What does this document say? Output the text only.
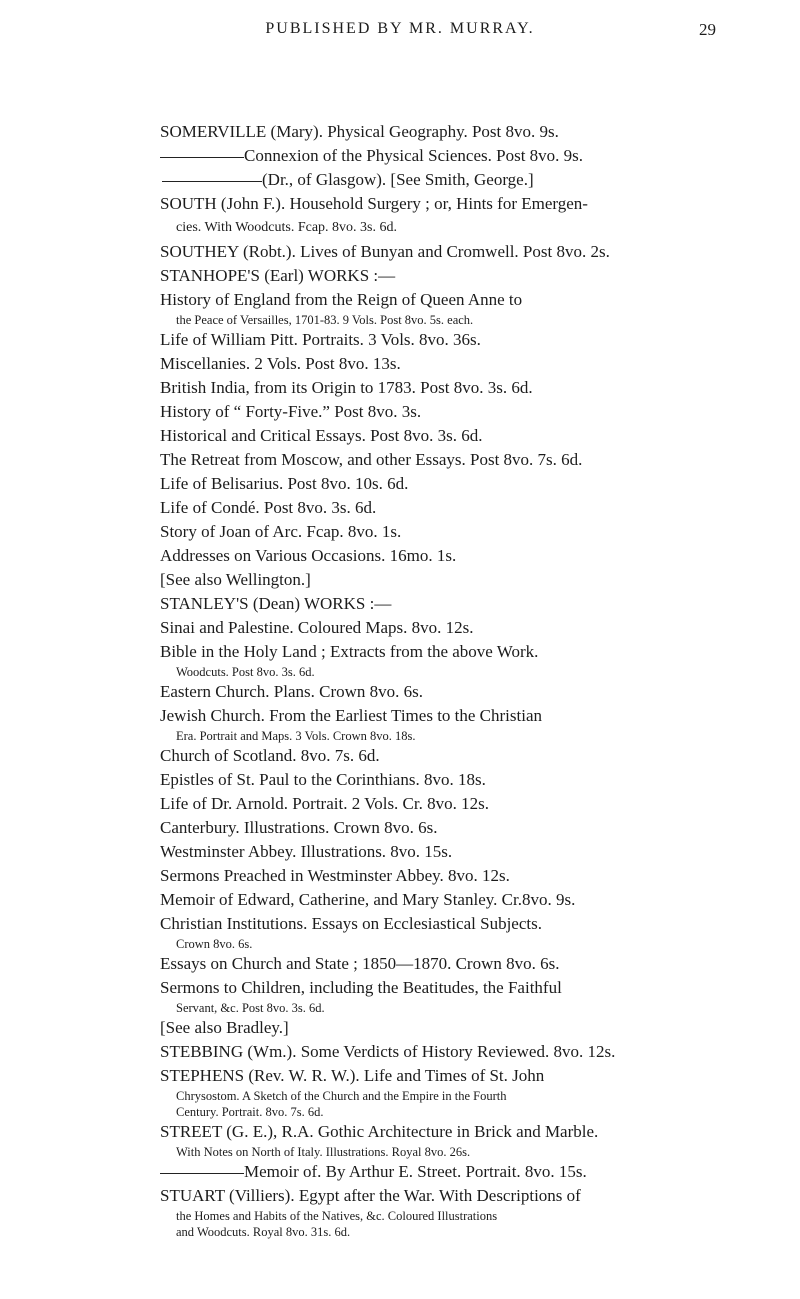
PUBLISHED BY MR. MURRAY.	29

SOMERVILLE (Mary). Physical Geography. Post 8vo. 9s.

Connexion of the Physical Sciences. Post 8vo. 9s.

(Dr., of Glasgow). [See Smith, George.]

SOUTH (John F.). Household Surgery ; or, Hints for Emergen-

cies. With Woodcuts. Fcap. 8vo. 3s. 6d.

SOUTHEY (Robt.). Lives of Bunyan and Cromwell. Post 8vo. 2s.

STANHOPE'S (Earl) WORKS :—

History of England from the Reign of Queen Anne to

the Peace of Versailles, 1701-83. 9 Vols. Post 8vo. 5s. each.

Life of William Pitt. Portraits. 3 Vols. 8vo. 36s.

Miscellanies. 2 Vols. Post 8vo. 13s.

British India, from its Origin to 1783. Post 8vo. 3s. 6d.

History of “ Forty-Five.” Post 8vo. 3s.

Historical and Critical Essays. Post 8vo. 3s. 6d.

The Retreat from Moscow, and other Essays. Post 8vo. 7s. 6d.

Life of Belisarius. Post 8vo. 10s. 6d.

Life of Condé. Post 8vo. 3s. 6d.

Story of Joan of Arc. Fcap. 8vo. 1s.

Addresses on Various Occasions. 16mo. 1s.

[See also Wellington.]

STANLEY'S (Dean) WORKS :—

Sinai and Palestine. Coloured Maps. 8vo. 12s.

Bible in the Holy Land ; Extracts from the above Work.

Woodcuts. Post 8vo. 3s. 6d.

Eastern Church. Plans. Crown 8vo. 6s.

Jewish Church. From the Earliest Times to the Christian

Era. Portrait and Maps. 3 Vols. Crown 8vo. 18s.

Church of Scotland. 8vo. 7s. 6d.

Epistles of St. Paul to the Corinthians. 8vo. 18s.

Life of Dr. Arnold. Portrait. 2 Vols. Cr. 8vo. 12s.

Canterbury. Illustrations. Crown 8vo. 6s.

Westminster Abbey. Illustrations. 8vo. 15s.

Sermons Preached in Westminster Abbey. 8vo. 12s.

Memoir of Edward, Catherine, and Mary Stanley. Cr.8vo. 9s.

Christian Institutions. Essays on Ecclesiastical Subjects.

Crown 8vo. 6s.

Essays on Church and State ; 1850—1870. Crown 8vo. 6s.

Sermons to Children, including the Beatitudes, the Faithful

Servant, &c. Post 8vo. 3s. 6d.

[See also Bradley.]

STEBBING (Wm.). Some Verdicts of History Reviewed. 8vo. 12s.

STEPHENS (Rev. W. R. W.). Life and Times of St. John

Chrysostom. A Sketch of the Church and the Empire in the Fourth

Century. Portrait. 8vo. 7s. 6d.

STREET (G. E.), R.A. Gothic Architecture in Brick and Marble.

With Notes on North of Italy. Illustrations. Royal 8vo. 26s.

Memoir of. By Arthur E. Street. Portrait. 8vo. 15s.

STUART (Villiers). Egypt after the War. With Descriptions of

the Homes and Habits of the Natives, &c. Coloured Illustrations

and Woodcuts. Royal 8vo. 31s. 6d.
